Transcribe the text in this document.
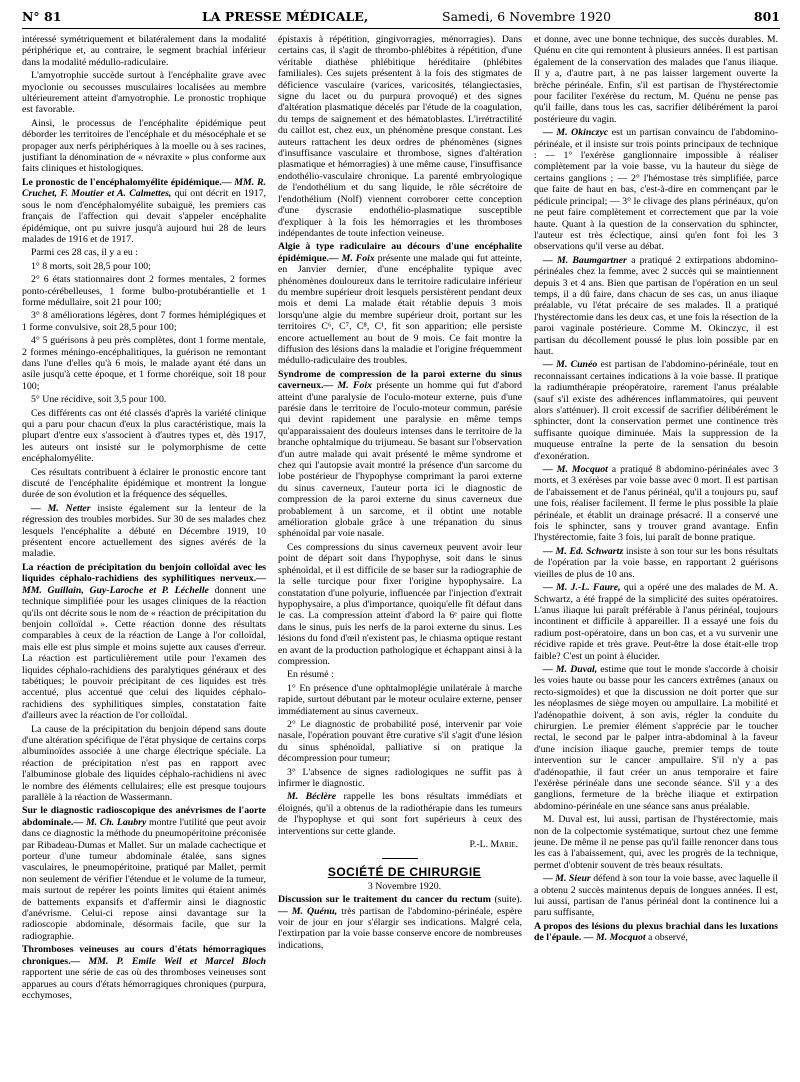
N° 81	LA PRESSE MÉDICALE,	Samedi, 6 Novembre 1920	801

intéressé symétriquement et bilatéralement dans la modalité périphérique et, au contraire, le segment brachial inférieur dans la modalité médullo-radiculaire.

L'amyotrophie succède surtout à l'encéphalite grave avec myoclonie ou secousses musculaires localisées au membre ultérieurement atteint d'amyotrophie. Le pronostic trophique est favorable.

Ainsi, le processus de l'encéphalite épidémique peut déborder les territoires de l'encéphale et du mésocéphale et se propager aux nerfs périphériques à la moelle ou à ses racines, justifiant la dénomination de « névraxite » plus conforme aux faits cliniques et histologiques.

Le pronostic de l'encéphalomyélite épidémique.— MM. R. Cruchet, F. Moutier et A. Calmettes, qui ont décrit en 1917, sous le nom d'encéphalomyélite subaiguë, les premiers cas français de l'affection qui devait s'appeler encéphalite épidémique, ont pu suivre jusqu'à aujourd hui 28 de leurs malades de 1916 et de 1917.

Parmi ces 28 cas, il y a eu :

1° 8 morts, soit 28,5 pour 100;

2° 6 états stationnaires dont 2 formes mentales, 2 formes ponto-cérébelleuses, 1 forme bulbo-protubérantielle et 1 forme médullaire, soit 21 pour 100;

3° 8 améliorations légères, dont 7 formes hémiplégiques et 1 forme convulsive, soit 28,5 pour 100;

4° 5 guérisons à peu près complètes, dont 1 forme mentale, 2 formes méningo-encéphalitiques, la guérison ne remontant dans l'une d'elles qu'à 6 mois, le malade ayant été dans un asile jusqu'à cette époque, et 1 forme choréique, soit 18 pour 100;

5° Une récidive, soit 3,5 pour 100.

Ces différents cas ont été classés d'après la variété clinique qui a paru pour chacun d'eux la plus caractéristique, mais la plupart d'entre eux s'associent à d'autres types et, dès 1917, les auteurs ont insisté sur le polymorphisme de cette encéphalomyélite.

Ces résultats contribuent à éclairer le pronostic encore tant discuté de l'encéphalite épidémique et montrent la longue durée de son évolution et la fréquence des séquelles.

— M. Netter insiste également sur la lenteur de la régression des troubles morbides. Sur 30 de ses malades chez lesquels l'encéphalite a débuté en Décembre 1919, 10 présentent encore actuellement des signes avérés de la maladie.

La réaction de précipitation du benjoin colloïdal avec les liquides céphalo-rachidiens des syphilitiques nerveux.— MM. Guillain, Guy-Laroche et P. Léchelle donnent une technique simplifiée pour les usages cliniques de la réaction qu'ils ont décrite sous le nom de « réaction de précipitation du benjoin colloïdal ». Cette réaction donne des résultats comparables à ceux de la réaction de Lange à l'or colloïdal, mais elle est plus simple et moins sujette aux causes d'erreur. La réaction est particulièrement utile pour l'examen des liquides céphalo-rachidiens des paralytiques généraux et des tabétiques; le pouvoir précipitant de ces liquides est très accentué, plus accentué que celui des liquides céphalo-rachidiens des syphilitiques simples, constatation faite d'ailleurs avec la réaction de l'or colloïdal.

La cause de la précipitation du benjoin dépend sans doute d'une altération spécifique de l'état physique de certains corps albuminoïdes associée à une charge électrique spéciale. La réaction de précipitation n'est pas en rapport avec l'albuminose globale des liquides céphalo-rachidiens ni avec le nombre des éléments cellulaires; elle est presque toujours parallèle à la réaction de Wassermann.

Sur le diagnostic radioscopique des anévrismes de l'aorte abdominale.— M. Ch. Laubry montre l'utilité que peut avoir dans ce diagnostic la méthode du pneumopéritoine préconisée par Ribadeau-Dumas et Mallet. Sur un malade cachectique et porteur d'une tumeur abdominale étalée, sans signes vasculaires, le pneumopéritoine, pratiqué par Mallet, permit non seulement de vérifier l'étendue et le volume de la tumeur, mais surtout de repérer les points limites qui étaient animés de battements expansifs et d'affermir ainsi le diagnostic d'anévrisme. Celui-ci repose ainsi davantage sur la radioscopie abdominale, désormais facile, que sur la radiographie.

Thromboses veineuses au cours d'états hémorragiques chroniques.— MM. P. Emile Weil et Marcel Bloch rapportent une série de cas où des thromboses veineuses sont apparues au cours d'états hémorragiques chroniques (purpura, ecchymoses,

épistaxis à répétition, gingivorragies, ménorragies). Dans certains cas, il s'agit de thrombo-phlébites à répétition, d'une véritable diathèse phlébitique héréditaire (phlébites familiales). Ces sujets présentent à la fois des stigmates de déficience vasculaire (varices, varicosités, télangiectasies, signe du lacet ou du purpura provoqué) et des signes d'altération plasmatique décelés par l'étude de la coagulation, du temps de saignement et des hématoblastes. L'irrétractilité du caillot est, chez eux, un phénomène presque constant. Les auteurs rattachent les deux ordres de phénomènes (signes d'insuffisance vasculaire et thrombose, signes d'altération plasmatique et hémorragies) à une même cause, l'insuffisance endothélio-vasculaire chronique. La parenté embryologique de l'endothélium et du sang liquide, le rôle sécrétoire de l'endothélium (Nolf) viennent corroborer cette conception d'une dyscrasie endothélio-plasmatique susceptible d'expliquer à la fois les hémorragies et les thromboses indépendantes de toute infection veineuse.

Algie à type radiculaire au décours d'une encéphalite épidémique.— M. Foix présente une malade qui fut atteinte, en Janvier dernier, d'une encéphalite typique avec phénomènes douloureux dans le territoire radiculaire inférieur du membre supérieur droit lesquels persistèrent pendant deux mois et demi La malade était rétablie depuis 3 mois lorsqu'une algie du membre supérieur droit, portant sur les territoires C⁶, C⁷, C⁸, C¹, fit son apparition; elle persiste encore actuellement au bout de 9 mois. Ce fait montre la diffusion des lésions dans la maladie et l'origine fréquemment médullo-radiculaire des troubles.

Syndrome de compression de la paroi externe du sinus caverneux.— M. Foix présente un homme qui fut d'abord atteint d'une paralysie de l'oculo-moteur externe, puis d'une parésie dans le territoire de l'oculo-moteur commun, parésie qui devint rapidement une paralysie en même temps qu'apparaissaient des douleurs intenses dans le territoire de la branche ophtalmique du trijumeau. Se basant sur l'observation d'un autre malade qui avait présenté le même syndrome et chez qui l'autopsie avait montré la présence d'un sarcome du lobe postérieur de l'hypophyse comprimant la paroi externe du sinus caverneux, l'auteur porta ici le diagnostic de compression de la paroi externe du sinus caverneux due probablement à un sarcome, et il obtint une notable amélioration globale grâce à une trépanation du sinus sphénoïdal par voie nasale.

Ces compressions du sinus caverneux peuvent avoir leur point de départ soit dans l'hypophyse, soit dans le sinus sphénoïdal, et il est difficile de se baser sur la radiographie de la selle turcique pour fixer l'origine hypophysaire. La constatation d'une polyurie, influencée par l'injection d'extrait hypophysaire, a plus d'importance, quoiqu'elle fît défaut dans le cas. La compression atteint d'abord la 6ᵉ paire qui flotte dans le sinus, puis les nerfs de la paroi externe du sinus. Les lésions du fond d'œil n'existent pas, le chiasma optique restant en avant de la production pathologique et échappant ainsi à la compression.

En résumé :

1° En présence d'une ophtalmoplégie unilatérale à marche rapide, surtout débutant par le moteur oculaire externe, penser immédiatement au sinus caverneux.

2° Le diagnostic de probabilité posé, intervenir par voie nasale, l'opération pouvant être curative s'il s'agit d'une lésion du sinus sphénoïdal, palliative si on pratique la décompression pour tumeur;

3° L'absence de signes radiologiques ne suffit pas à infirmer le diagnostic.

M. Béclère rappelle les bons résultats immédiats et éloignés, qu'il a obtenus de la radiothérapie dans les tumeurs de l'hypophyse et qui sont fort supérieurs à ceux des interventions sur cette glande.

P.-L. Marie.

SOCIÉTÉ DE CHIRURGIE

3 Novembre 1920.

Discussion sur le traitement du cancer du rectum (suite). — M. Quénu, très partisan de l'abdomino-périnéale, espère voir de jour en jour s'élargir ses indications. Malgré cela, l'extirpation par la voie basse conserve encore de nombreuses indications,

et donne, avec une bonne technique, des succès durables. M. Quénu en cite qui remontent à plusieurs années. Il est partisan également de la conservation des malades que l'anus iliaque. Il y a, d'autre part, à ne pas laisser largement ouverte la brèche périnéale. Enfin, s'il est partisan de l'hystérectomie pour faciliter l'exérèse du rectum, M. Quénu ne pense pas qu'il faille, dans tous les cas, sacrifier délibérément la paroi postérieure du vagin.

— M. Okinczyc est un partisan convaincu de l'abdomino-périnéale, et il insiste sur trois points principaux de technique : — 1° l'exérèse ganglionnaire impossible à réaliser complètement par la voie basse, vu la hauteur du siège de certains ganglions ; — 2° l'hémostase très simplifiée, parce que faite de haut en bas, c'est-à-dire en commençant par le pédicule principal; — 3° le clivage des plans périnéaux, qu'on ne peut faire complètement et correctement que par la voie haute. Quant à la question de la conservation du sphincter, l'auteur est très éclectique, ainsi qu'en font foi les 3 observations qu'il verse au débat.

— M. Baumgartner a pratiqué 2 extirpations abdomino-périnéales chez la femme, avec 2 succès qui se maintiennent depuis 3 et 4 ans. Bien que partisan de l'opération en un seul temps, il a dû faire, dans chacun de ses cas, un anus iliaque préalable, vu l'état précaire de ses malades. Il a pratiqué l'hystérectomie dans les deux cas, et une fois la résection de la paroi vaginale postérieure. Comme M. Okinczyc, il est partisan du décollement poussé le plus loin possible par en haut.

— M. Cunéo est partisan de l'abdomino-périnéale, tout en reconnaissant certaines indications à la voie basse. Il pratique la radiumthérapie préopératoire, rarement l'anus préalable (sauf s'il existe des adhérences inflammatoires, qui peuvent alors s'atténuer). Il croit excessif de sacrifier délibérément le sphincter, dont la conservation permet une continence très suffisante quoique diminuée. Mais la suppression de la muqueuse entraîne la perte de la sensation du besoin d'exonération.

— M. Mocquot a pratiqué 8 abdomino-périnéales avec 3 morts, et 3 exérèses par voie basse avec 0 mort. Il est partisan de l'abaissement et de l'anus périnéal, qu'il a toujours pu, sauf une fois, réaliser facilement. Il ferme le plus possible la plaie périnéale, et établit un drainage présacré. Il a conservé une fois le sphincter, sans y trouver grand avantage. Enfin l'hystérectomie, faite 3 fois, lui paraît de bonne pratique.

— M. Ed. Schwartz insiste à son tour sur les bons résultats de l'opération par la voie basse, en rapportant 2 guérisons vieilles de plus de 10 ans.

— M. J.-L. Faure, qui a opéré une des malades de M. A. Schwartz, a été frappé de la simplicité des suites opératoires. L'anus iliaque lui paraît préférable à l'anus périnéal, toujours incontinent et difficile à appareiller. Il a essayé une fois du radium post-opératoire, dans un bon cas, et a vu survenir une récidive rapide et très grave. Peut-être la dose était-elle trop faible? C'est un point à élucider.

— M. Duval, estime que tout le monde s'accorde à choisir les voies haute ou basse pour les cancers extrêmes (anaux ou recto-sigmoïdes) et que la discussion ne doit porter que sur les néoplasmes de siège moyen ou ampullaire. La mobilité et l'adénopathie doivent, à son avis, régler la conduite du chirurgien. Le premier élément s'apprécie par le toucher rectal, le second par le palper intra-abdominal à la faveur d'une incision iliaque gauche, premier temps de toute intervention sur le cancer ampullaire. S'il n'y a pas d'adénopathie, il faut créer un anus temporaire et faire l'exérèse périnéale dans une seconde séance. S'il y a des ganglions, fermeture de la brèche iliaque et extirpation abdomino-périnéale en une séance sans anus préalable.

M. Duval est, lui aussi, partisan de l'hystérectomie, mais non de la colpectomie systématique, surtout chez une femme jeune. De même il ne pense pas qu'il faille renoncer dans tous les cas à l'abaissement, qui, avec les progrès de la technique, permet d'obtenir souvent de très beaux résultats.

— M. Sieur défend à son tour la voie basse, avec laquelle il a obtenu 2 succès maintenus depuis de longues années. Il est, lui aussi, partisan de l'anus périnéal dont la continence lui a paru suffisante,

A propos des lésions du plexus brachial dans les luxations de l'épaule. — M. Mocquot a observé,
